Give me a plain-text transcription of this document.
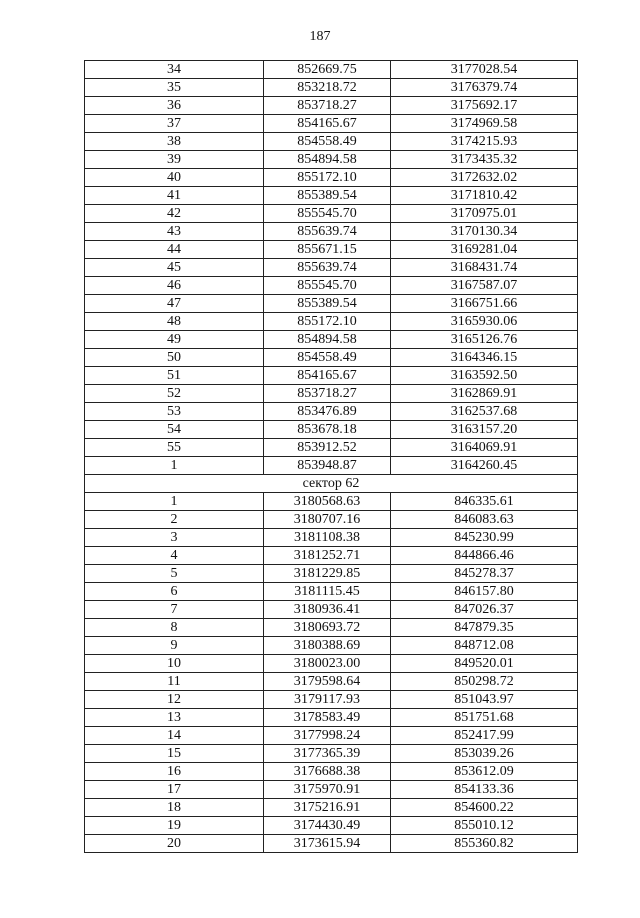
187
34	852669.75	3177028.54
35	853218.72	3176379.74
36	853718.27	3175692.17
37	854165.67	3174969.58
38	854558.49	3174215.93
39	854894.58	3173435.32
40	855172.10	3172632.02
41	855389.54	3171810.42
42	855545.70	3170975.01
43	855639.74	3170130.34
44	855671.15	3169281.04
45	855639.74	3168431.74
46	855545.70	3167587.07
47	855389.54	3166751.66
48	855172.10	3165930.06
49	854894.58	3165126.76
50	854558.49	3164346.15
51	854165.67	3163592.50
52	853718.27	3162869.91
53	853476.89	3162537.68
54	853678.18	3163157.20
55	853912.52	3164069.91
1	853948.87	3164260.45
сектор 62		
1	3180568.63	846335.61
2	3180707.16	846083.63
3	3181108.38	845230.99
4	3181252.71	844866.46
5	3181229.85	845278.37
6	3181115.45	846157.80
7	3180936.41	847026.37
8	3180693.72	847879.35
9	3180388.69	848712.08
10	3180023.00	849520.01
11	3179598.64	850298.72
12	3179117.93	851043.97
13	3178583.49	851751.68
14	3177998.24	852417.99
15	3177365.39	853039.26
16	3176688.38	853612.09
17	3175970.91	854133.36
18	3175216.91	854600.22
19	3174430.49	855010.12
20	3173615.94	855360.82
